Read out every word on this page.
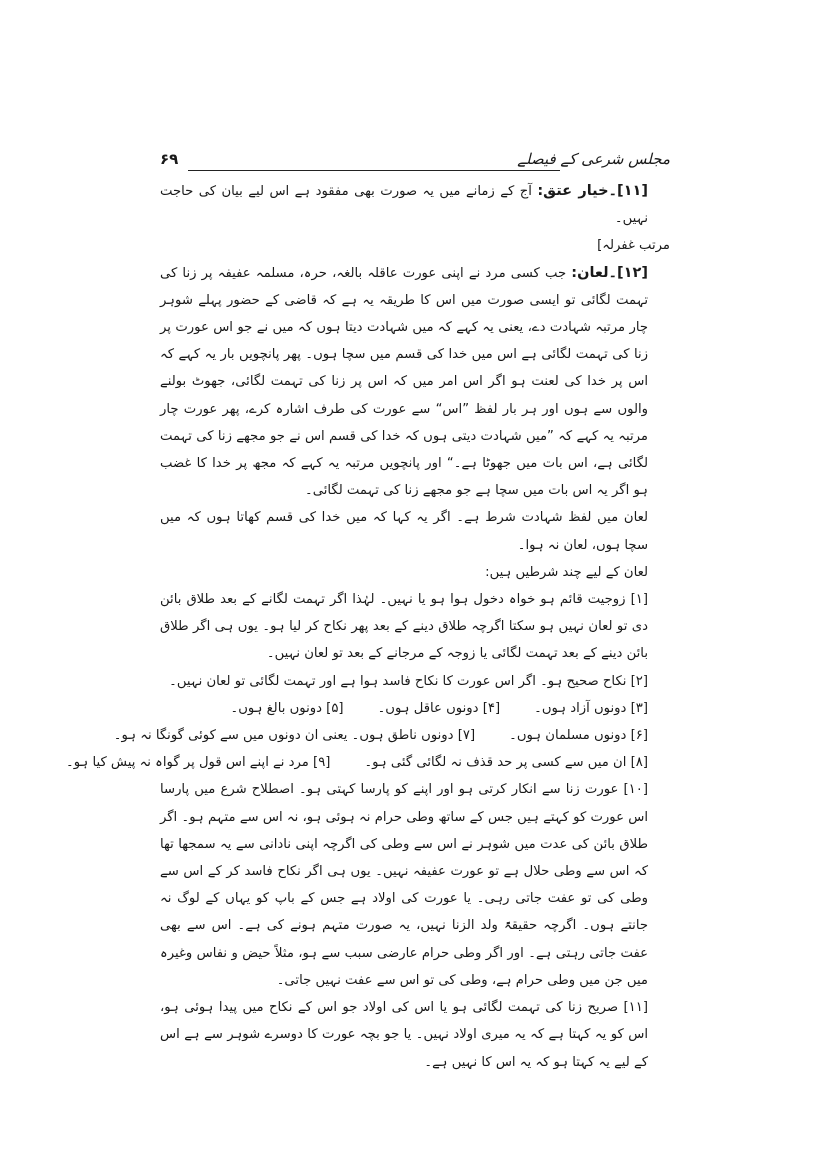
۶۹	مجلس شرعی کے فیصلے

[۱۱]۔خیار عتق: آج کے زمانے میں یہ صورت بھی مفقود ہے اس لیے بیان کی حاجت نہیں۔

مرتب غفرلہ]

[۱۲]۔لعان: جب کسی مرد نے اپنی عورت عاقلہ بالغہ، حرہ، مسلمہ عفیفہ پر زنا کی تہمت لگائی تو ایسی صورت میں اس کا طریقہ یہ ہے کہ قاضی کے حضور پہلے شوہر چار مرتبہ شہادت دے، یعنی یہ کہے کہ میں شہادت دیتا ہوں کہ میں نے جو اس عورت پر زنا کی تہمت لگائی ہے اس میں خدا کی قسم میں سچا ہوں۔ پھر پانچویں بار یہ کہے کہ اس پر خدا کی لعنت ہو اگر اس امر میں کہ اس پر زنا کی تہمت لگائی، جھوٹ بولنے والوں سے ہوں اور ہر بار لفظ ”اس“ سے عورت کی طرف اشارہ کرے، پھر عورت چار مرتبہ یہ کہے کہ ”میں شہادت دیتی ہوں کہ خدا کی قسم اس نے جو مجھے زنا کی تہمت لگائی ہے، اس بات میں جھوٹا ہے۔“ اور پانچویں مرتبہ یہ کہے کہ مجھ پر خدا کا غضب ہو اگر یہ اس بات میں سچا ہے جو مجھے زنا کی تہمت لگائی۔

لعان میں لفظ شہادت شرط ہے۔ اگر یہ کہا کہ میں خدا کی قسم کھاتا ہوں کہ میں سچا ہوں، لعان نہ ہوا۔

لعان کے لیے چند شرطیں ہیں:

[۱] زوجیت قائم ہو خواہ دخول ہوا ہو یا نہیں۔ لہٰذا اگر تہمت لگانے کے بعد طلاق بائن دی تو لعان نہیں ہو سکتا اگرچہ طلاق دینے کے بعد پھر نکاح کر لیا ہو۔ یوں ہی اگر طلاق بائن دینے کے بعد تہمت لگائی یا زوجہ کے مرجانے کے بعد تو لعان نہیں۔

[۲] نکاح صحیح ہو۔ اگر اس عورت کا نکاح فاسد ہوا ہے اور تہمت لگائی تو لعان نہیں۔

[۳] دونوں آزاد ہوں۔
[۴] دونوں عاقل ہوں۔
[۵] دونوں بالغ ہوں۔
[۶] دونوں مسلمان ہوں۔
[۷] دونوں ناطق ہوں۔ یعنی ان دونوں میں سے کوئی گونگا نہ ہو۔
[۸] ان میں سے کسی پر حد قذف نہ لگائی گئی ہو۔
[۹] مرد نے اپنے اس قول پر گواہ نہ پیش کیا ہو۔

[۱۰] عورت زنا سے انکار کرتی ہو اور اپنے کو پارسا کہتی ہو۔ اصطلاح شرع میں پارسا اس عورت کو کہتے ہیں جس کے ساتھ وطی حرام نہ ہوئی ہو، نہ اس سے متہم ہو۔ اگر طلاق بائن کی عدت میں شوہر نے اس سے وطی کی اگرچہ اپنی نادانی سے یہ سمجھا تھا کہ اس سے وطی حلال ہے تو عورت عفیفہ نہیں۔ یوں ہی اگر نکاح فاسد کر کے اس سے وطی کی تو عفت جاتی رہی۔ یا عورت کی اولاد ہے جس کے باپ کو یہاں کے لوگ نہ جانتے ہوں۔ اگرچہ حقیقۃً ولد الزنا نہیں، یہ صورت متہم ہونے کی ہے۔ اس سے بھی عفت جاتی رہتی ہے۔ اور اگر وطی حرام عارضی سبب سے ہو، مثلاً حیض و نفاس وغیرہ میں جن میں وطی حرام ہے، وطی کی تو اس سے عفت نہیں جاتی۔

[۱۱] صریح زنا کی تہمت لگائی ہو یا اس کی اولاد جو اس کے نکاح میں پیدا ہوئی ہو، اس کو یہ کہتا ہے کہ یہ میری اولاد نہیں۔ یا جو بچہ عورت کا دوسرے شوہر سے ہے اس کے لیے یہ کہتا ہو کہ یہ اس کا نہیں ہے۔
